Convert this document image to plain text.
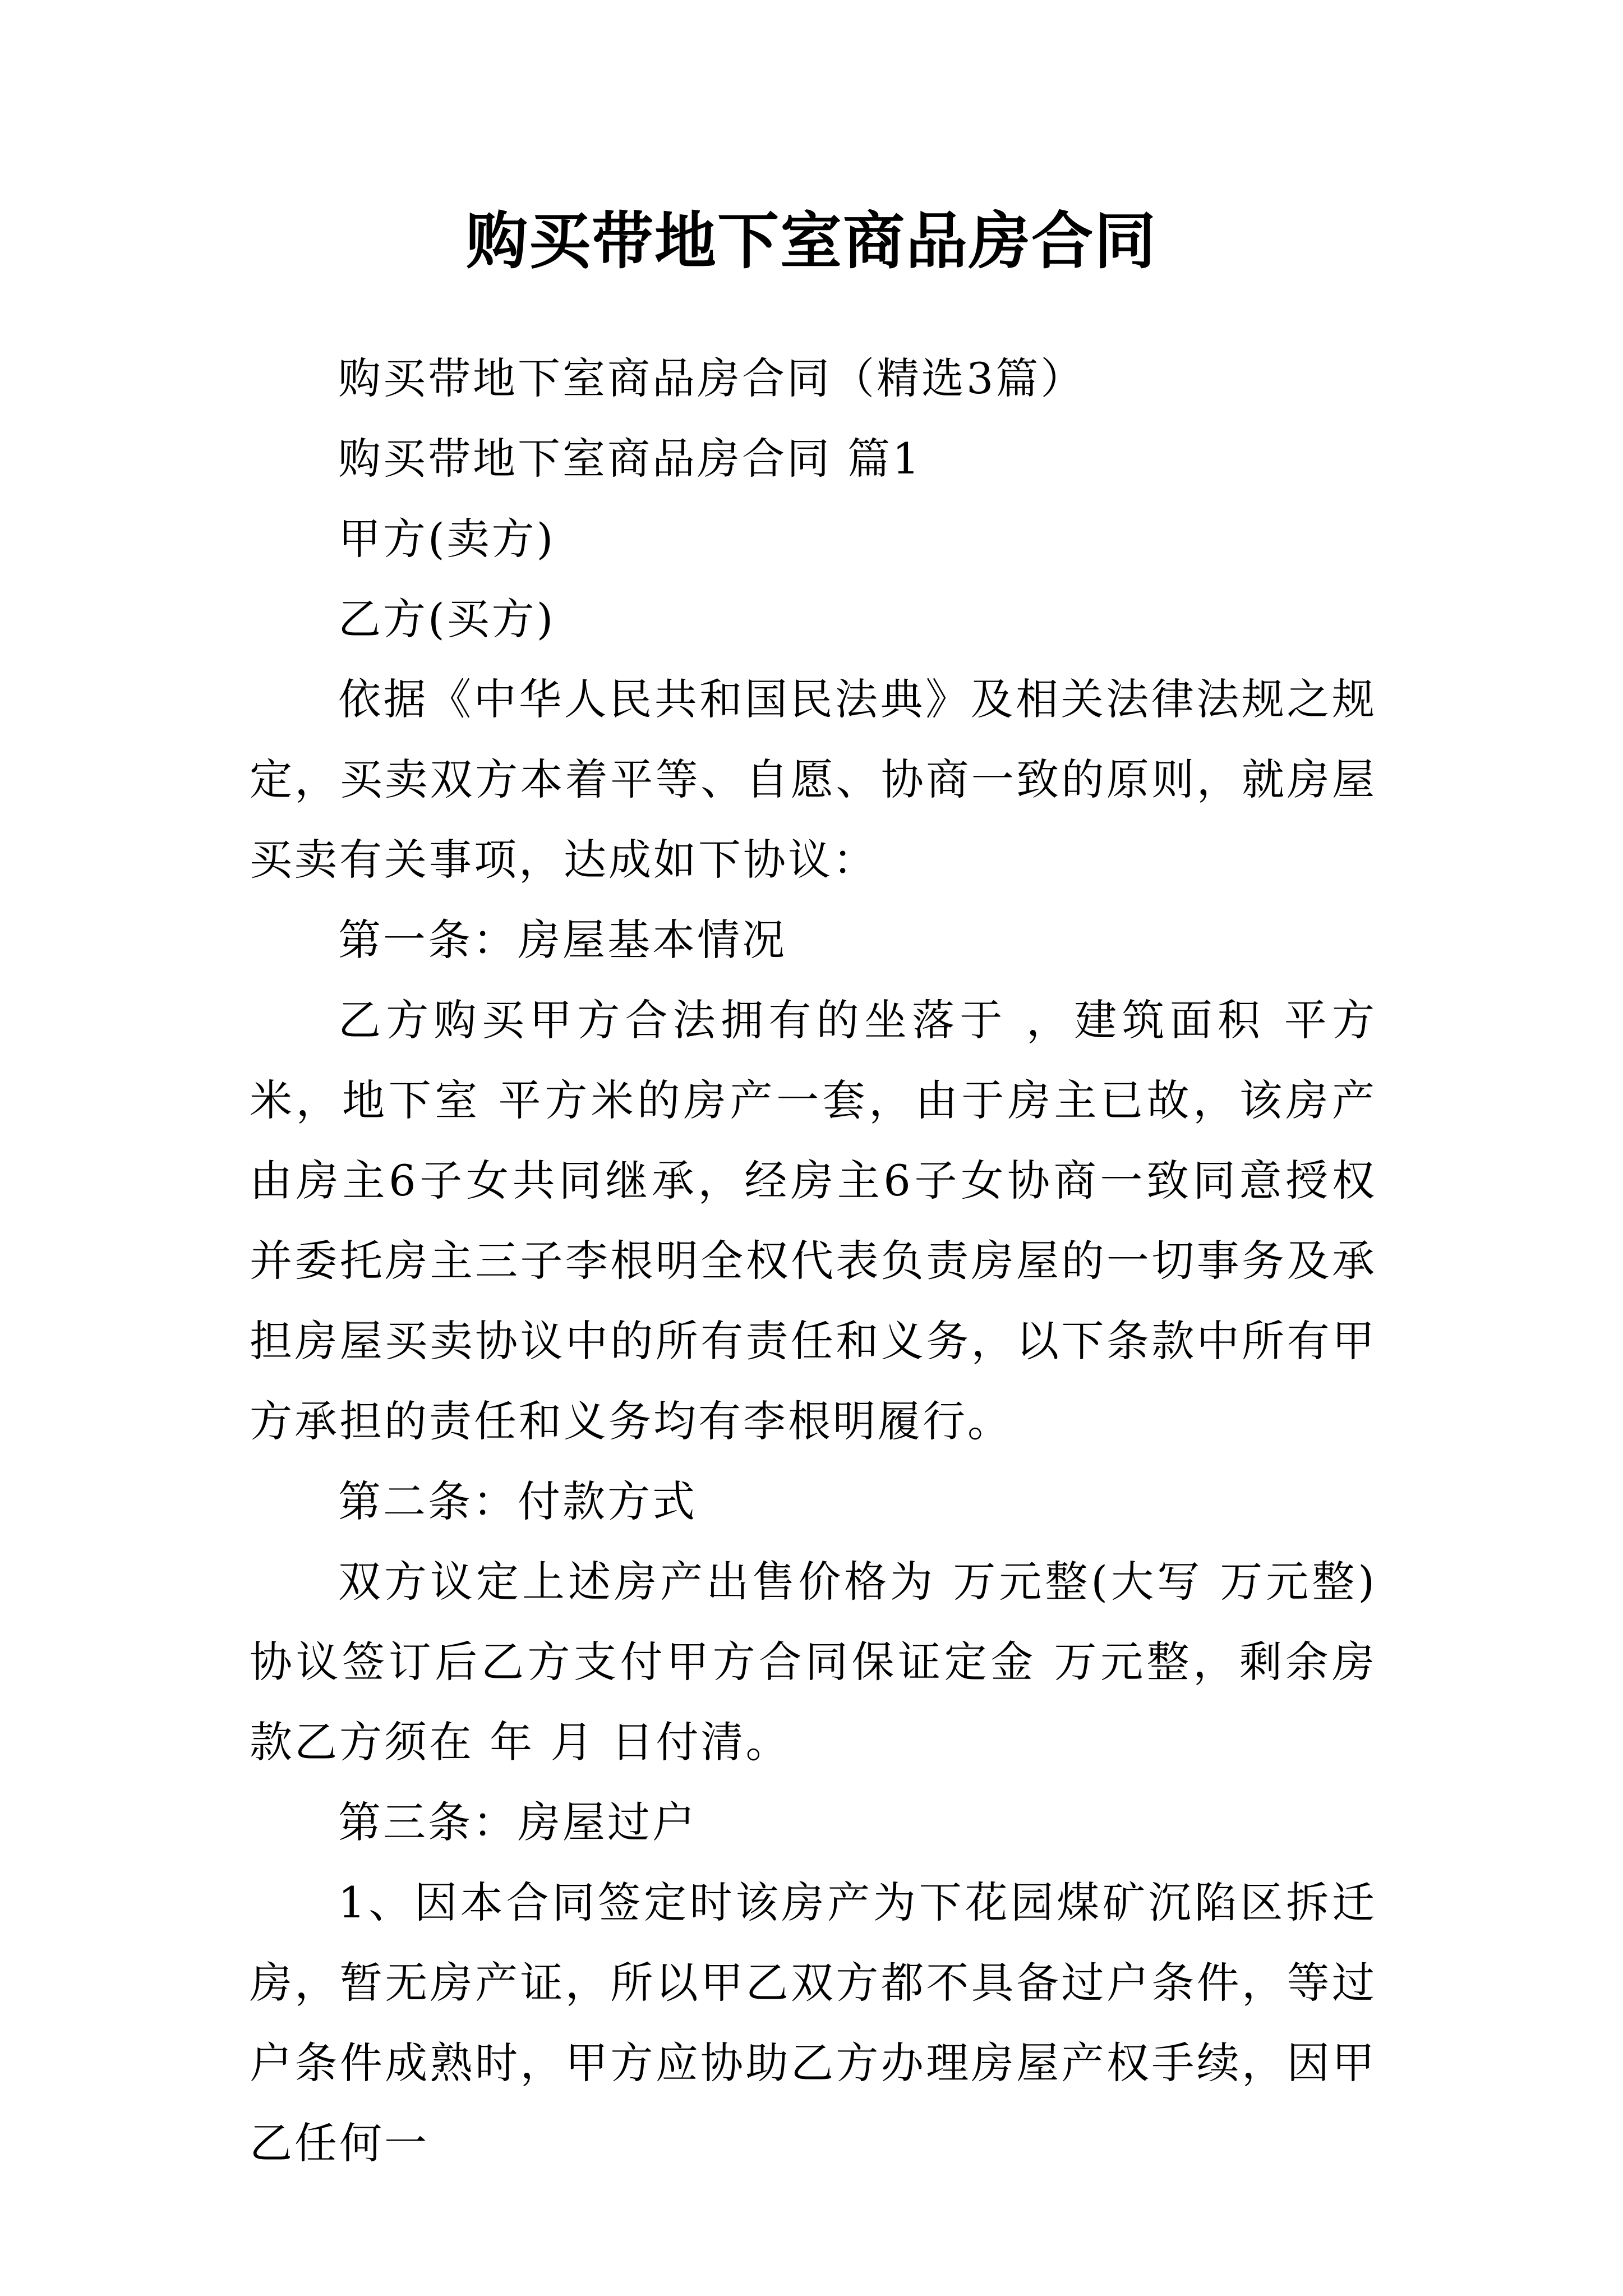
购买带地下室商品房合同

购买带地下室商品房合同（精选3篇）

购买带地下室商品房合同 篇1

甲方(卖方)

乙方(买方)

依据《中华人民共和国民法典》及相关法律法规之规定，买卖双方本着平等、自愿、协商一致的原则，就房屋买卖有关事项，达成如下协议：

第一条：房屋基本情况

乙方购买甲方合法拥有的坐落于 ，建筑面积 平方米，地下室 平方米的房产一套，由于房主已故，该房产由房主6子女共同继承，经房主6子女协商一致同意授权并委托房主三子李根明全权代表负责房屋的一切事务及承担房屋买卖协议中的所有责任和义务，以下条款中所有甲方承担的责任和义务均有李根明履行。

第二条：付款方式

双方议定上述房产出售价格为 万元整(大写 万元整)协议签订后乙方支付甲方合同保证定金 万元整，剩余房款乙方须在 年 月 日付清。

第三条：房屋过户

1、因本合同签定时该房产为下花园煤矿沉陷区拆迁房，暂无房产证，所以甲乙双方都不具备过户条件，等过户条件成熟时，甲方应协助乙方办理房屋产权手续，因甲乙任何一
